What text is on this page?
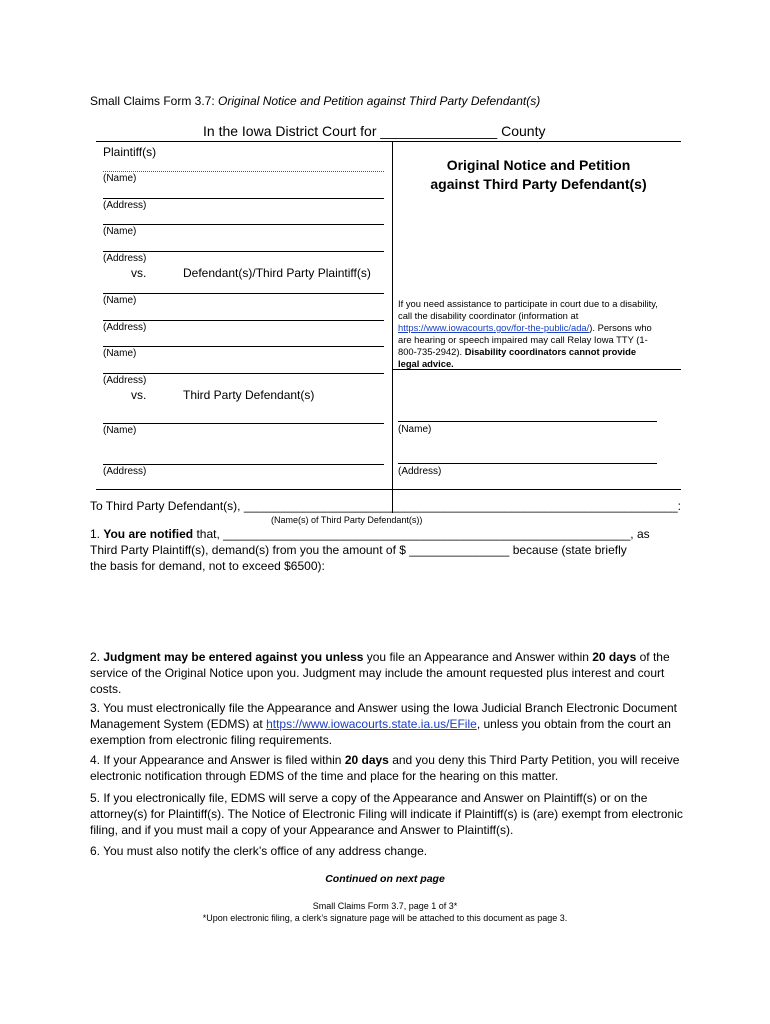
Small Claims Form 3.7: Original Notice and Petition against Third Party Defendant(s)
In the Iowa District Court for _______________ County
Original Notice and Petition
against Third Party Defendant(s)
Plaintiff(s)
(Name)
(Address)
(Name)
(Address)
vs.	Defendant(s)/Third Party Plaintiff(s)
(Name)
(Address)
(Name)
(Address)
vs.	Third Party Defendant(s)
If you need assistance to participate in court due to a disability, call the disability coordinator (information at https://www.iowacourts.gov/for-the-public/ada/). Persons who are hearing or speech impaired may call Relay Iowa TTY (1-800-735-2942). Disability coordinators cannot provide legal advice.
(Name)	(Name)
(Address)	(Address)
To Third Party Defendant(s), _________________________________________________________________:
(Name(s) of Third Party Defendant(s))
1. You are notified that, _____________________________________________________________, as
Third Party Plaintiff(s), demand(s) from you the amount of $ _______________ because (state briefly
the basis for demand, not to exceed $6500):
2. Judgment may be entered against you unless you file an Appearance and Answer within 20 days of the service of the Original Notice upon you. Judgment may include the amount requested plus interest and court costs.
3. You must electronically file the Appearance and Answer using the Iowa Judicial Branch Electronic Document Management System (EDMS) at https://www.iowacourts.state.ia.us/EFile, unless you obtain from the court an exemption from electronic filing requirements.
4. If your Appearance and Answer is filed within 20 days and you deny this Third Party Petition, you will receive electronic notification through EDMS of the time and place for the hearing on this matter.
5. If you electronically file, EDMS will serve a copy of the Appearance and Answer on Plaintiff(s) or on the attorney(s) for Plaintiff(s). The Notice of Electronic Filing will indicate if Plaintiff(s) is (are) exempt from electronic filing, and if you must mail a copy of your Appearance and Answer to Plaintiff(s).
6. You must also notify the clerk’s office of any address change.
Continued on next page
Small Claims Form 3.7, page 1 of 3*
*Upon electronic filing, a clerk’s signature page will be attached to this document as page 3.
